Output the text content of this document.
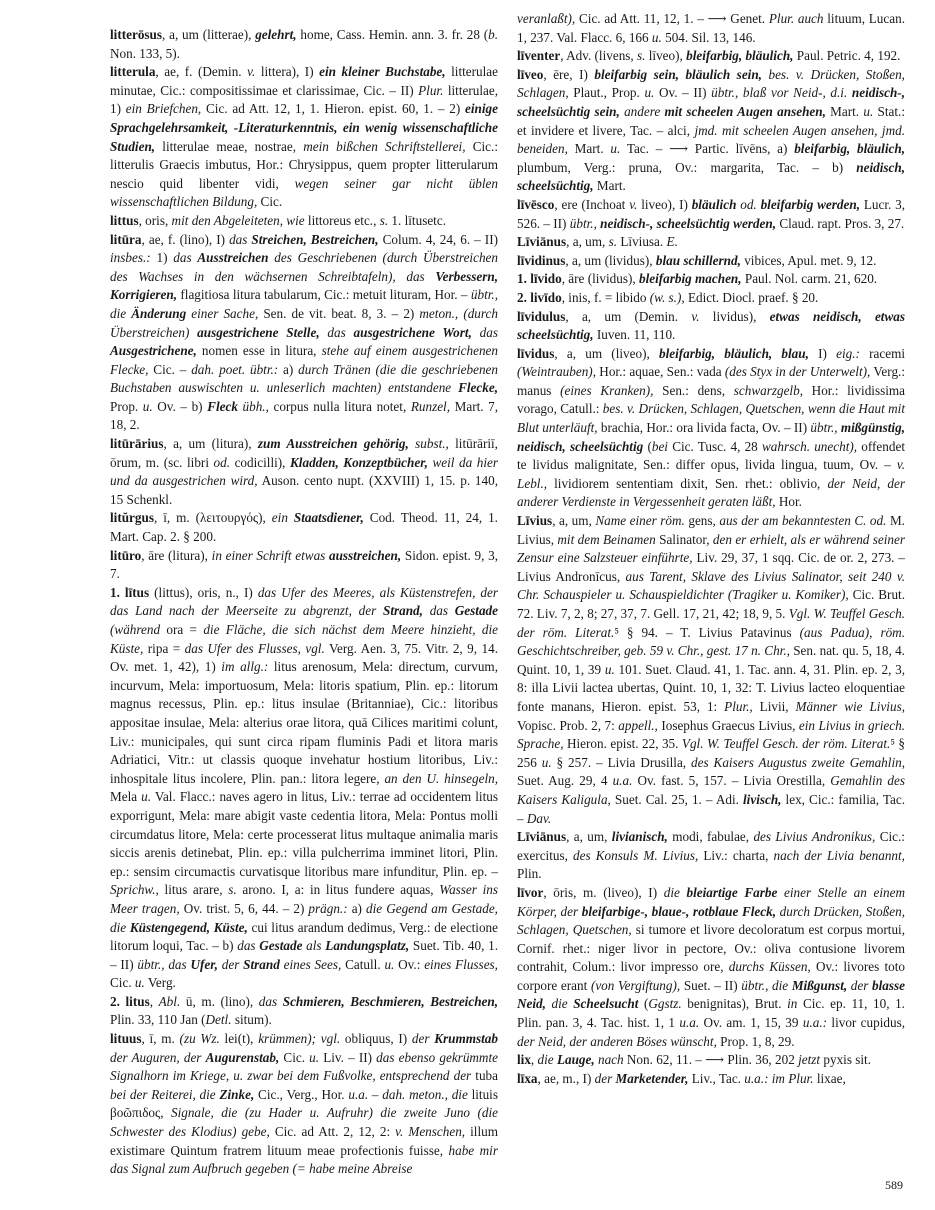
litterōsus, a, um (litterae), gelehrt, home, Cass. Hemin. ann. 3. fr. 28 (b. Non. 133, 5).

litterula, ae, f. (Demin. v. littera), I) ein kleiner Buchstabe, litterulae minutae, Cic.: compositissimae et clarissimae, Cic. – II) Plur. litterulae, 1) ein Briefchen, Cic. ad Att. 12, 1, 1. Hieron. epist. 60, 1. – 2) einige Sprachgelehrsamkeit, -Literaturkenntnis, ein wenig wissenschaftliche Studien, litterulae meae, nostrae, mein bißchen Schriftstellerei, Cic.: litterulis Graecis imbutus, Hor.: Chrysippus, quem propter litterularum nescio quid libenter vidi, wegen seiner gar nicht üblen wissenschaftlichen Bildung, Cic.

littus, oris, mit den Abgeleiteten, wie littoreus etc., s. 1. lītusetc.

litūra, ae, f. (lino), I) das Streichen, Bestreichen, Colum. 4, 24, 6. – II) insbes.: 1) das Ausstreichen des Geschriebenen (durch Überstreichen des Wachses in den wächsernen Schreibtafeln), das Verbessern, Korrigieren, flagitiosa litura tabularum, Cic.: metuit lituram, Hor. – übtr., die Änderung einer Sache, Sen. de vit. beat. 8, 3. – 2) meton., (durch Überstreichen) ausgestrichene Stelle, das ausgestrichene Wort, das Ausgestrichene, nomen esse in litura, stehe auf einem ausgestrichenen Flecke, Cic. – dah. poet. übtr.: a) durch Tränen (die die geschriebenen Buchstaben auswischten u. unleserlich machten) entstandene Flecke, Prop. u. Ov. – b) Fleck übh., corpus nulla litura notet, Runzel, Mart. 7, 18, 2.

litūrārius, a, um (litura), zum Ausstreichen gehörig, subst., litūrāriī, ōrum, m. (sc. libri od. codicilli), Kladden, Konzeptbücher, weil da hier und da ausgestrichen wird, Auson. cento nupt. (XXVIII) 1, 15. p. 140, 15 Schenkl.

litŭrgus, ī, m. (λειτουργός), ein Staatsdiener, Cod. Theod. 11, 24, 1. Mart. Cap. 2. § 200.

litūro, āre (litura), in einer Schrift etwas ausstreichen, Sidon. epist. 9, 3, 7.

1. lītus (littus), oris, n., I) das Ufer des Meeres, als Küstenstrefen, der das Land nach der Meerseite zu abgrenzt, der Strand, das Gestade (während ora = die Fläche, die sich nächst dem Meere hinzieht, die Küste, ripa = das Ufer des Flusses, vgl. Verg. Aen. 3, 75. Vitr. 2, 9, 14. Ov. met. 1, 42), 1) im allg.: litus arenosum, Mela: directum, curvum, incurvum, Mela: importuosum, Mela: litoris spatium, Plin. ep.: litorum magnus recessus, Plin. ep.: litus insulae (Britanniae), Cic.: litoribus appositae insulae, Mela: alterius orae litora, quā Cilices maritimi colunt, Liv.: municipales, qui sunt circa ripam fluminis Padi et litora maris Adriatici, Vitr.: ut classis quoque invehatur hostium litoribus, Liv.: inhospitale litus incolere, Plin. pan.: litora legere, an den U. hinsegeln, Mela u. Val. Flacc.: naves agero in litus, Liv.: terrae ad occidentem litus exporrigunt, Mela: mare abigit vaste cedentia litora, Mela: Pontus molli circumdatus litore, Mela: certe processerat litus multaque animalia maris siccis arenis detinebat, Plin. ep.: villa pulcherrima imminet litori, Plin. ep.: sensim circumactis curvatisque litoribus mare infunditur, Plin. ep. – Sprichw., litus arare, s. arono. I, a: in litus fundere aquas, Wasser ins Meer tragen, Ov. trist. 5, 6, 44. – 2) prägn.: a) die Gegend am Gestade, die Küstengegend, Küste, cui litus arandum dedimus, Verg.: de electione litorum loqui, Tac. – b) das Gestade als Landungsplatz, Suet. Tib. 40, 1. – II) übtr., das Ufer, der Strand eines Sees, Catull. u. Ov.: eines Flusses, Cic. u. Verg.

2. litus, Abl. ū, m. (lino), das Schmieren, Beschmieren, Bestreichen, Plin. 33, 110 Jan (Detl. situm).

lituus, ī, m. (zu Wz. lei(t), krümmen); vgl. obliquus, I) der Krummstab der Auguren, der Augurenstab, Cic. u. Liv. – II) das ebenso gekrümmte Signalhorn im Kriege, u. zwar bei dem Fußvolke, entsprechend der tuba bei der Reiterei, die Zinke, Cic., Verg., Hor. u.a. – dah. meton., die lituis βοῶπιδος, Signale, die (zu Hader u. Aufruhr) die zweite Juno (die Schwester des Klodius) gebe, Cic. ad Att. 2, 12, 2: v. Menschen, illum existimare Quintum fratrem lituum meae profectionis fuisse, habe mir das Signal zum Aufbruch gegeben (= habe meine Abreise

veranlaßt), Cic. ad Att. 11, 12, 1. – ⟶ Genet. Plur. auch lituum, Lucan. 1, 237. Val. Flacc. 6, 166 u. 504. Sil. 13, 146.

līventer, Adv. (livens, s. līveo), bleifarbig, bläulich, Paul. Petric. 4, 192.

līveo, ēre, I) bleifarbig sein, bläulich sein, bes. v. Drücken, Stoßen, Schlagen, Plaut., Prop. u. Ov. – II) übtr., blaß vor Neid-, d.i. neidisch-, scheelsüchtig sein, andere mit scheelen Augen ansehen, Mart. u. Stat.: et invidere et livere, Tac. – alci, jmd. mit scheelen Augen ansehen, jmd. beneiden, Mart. u. Tac. – ⟶ Partic. līvēns, a) bleifarbig, bläulich, plumbum, Verg.: pruna, Ov.: margarita, Tac. – b) neidisch, scheelsüchtig, Mart.

līvēsco, ere (Inchoat v. liveo), I) bläulich od. bleifarbig werden, Lucr. 3, 526. – II) übtr., neidisch-, scheelsüchtig werden, Claud. rapt. Pros. 3, 27.

Līviānus, a, um, s. Līviusa. E.

līvidinus, a, um (lividus), blau schillernd, vibices, Apul. met. 9, 12.

1. līvido, āre (lividus), bleifarbig machen, Paul. Nol. carm. 21, 620.

2. livīdo, inis, f. = libido (w. s.), Edict. Diocl. praef. § 20.

līvidulus, a, um (Demin. v. lividus), etwas neidisch, etwas scheelsüchtig, Iuven. 11, 110.

līvidus, a, um (liveo), bleifarbig, bläulich, blau, I) eig.: racemi (Weintrauben), Hor.: aquae, Sen.: vada (des Styx in der Unterwelt), Verg.: manus (eines Kranken), Sen.: dens, schwarzgelb, Hor.: lividissima vorago, Catull.: bes. v. Drücken, Schlagen, Quetschen, wenn die Haut mit Blut unterläuft, brachia, Hor.: ora livida facta, Ov. – II) übtr., mißgünstig, neidisch, scheelsüchtig (bei Cic. Tusc. 4, 28 wahrsch. unecht), offendet te lividus malignitate, Sen.: differ opus, livida lingua, tuum, Ov. – v. Lebl., lividiorem sententiam dixit, Sen. rhet.: oblivio, der Neid, der anderer Verdienste in Vergessenheit geraten läßt, Hor.

Līvius, a, um, Name einer röm. gens, aus der am bekanntesten C. od. M. Livius, mit dem Beinamen Salinator, den er erhielt, als er während seiner Zensur eine Salzsteuer einführte, Liv. 29, 37, 1 sqq. Cic. de or. 2, 273. – Livius Andronīcus, aus Tarent, Sklave des Livius Salinator, seit 240 v. Chr. Schauspieler u. Schauspieldichter (Tragiker u. Komiker), Cic. Brut. 72. Liv. 7, 2, 8; 27, 37, 7. Gell. 17, 21, 42; 18, 9, 5. Vgl. W. Teuffel Gesch. der röm. Literat.⁵ § 94. – T. Livius Patavinus (aus Padua), röm. Geschichtschreiber, geb. 59 v. Chr., gest. 17 n. Chr., Sen. nat. qu. 5, 18, 4. Quint. 10, 1, 39 u. 101. Suet. Claud. 41, 1. Tac. ann. 4, 31. Plin. ep. 2, 3, 8: illa Livii lactea ubertas, Quint. 10, 1, 32: T. Livius lacteo eloquentiae fonte manans, Hieron. epist. 53, 1: Plur., Livii, Männer wie Livius, Vopisc. Prob. 2, 7: appell., Iosephus Graecus Livius, ein Livius in griech. Sprache, Hieron. epist. 22, 35. Vgl. W. Teuffel Gesch. der röm. Literat.⁵ § 256 u. § 257. – Livia Drusilla, des Kaisers Augustus zweite Gemahlin, Suet. Aug. 29, 4 u.a. Ov. fast. 5, 157. – Livia Orestilla, Gemahlin des Kaisers Kaligula, Suet. Cal. 25, 1. – Adi. livisch, lex, Cic.: familia, Tac. – Dav.

Līviānus, a, um, livianisch, modi, fabulae, des Livius Andronikus, Cic.: exercitus, des Konsuls M. Livius, Liv.: charta, nach der Livia benannt, Plin.

līvor, ōris, m. (liveo), I) die bleiartige Farbe einer Stelle an einem Körper, der bleifarbige-, blaue-, rotblaue Fleck, durch Drücken, Stoßen, Schlagen, Quetschen, si tumore et livore decoloratum est corpus mortui, Cornif. rhet.: niger livor in pectore, Ov.: oliva contusione livorem contrahit, Colum.: livor impresso ore, durchs Küssen, Ov.: livores toto corpore erant (von Vergiftung), Suet. – II) übtr., die Mißgunst, der blasse Neid, die Scheelsucht (Ggstz. benignitas), Brut. in Cic. ep. 11, 10, 1. Plin. pan. 3, 4. Tac. hist. 1, 1 u.a. Ov. am. 1, 15, 39 u.a.: livor cupidus, der Neid, der anderen Böses wünscht, Prop. 1, 8, 29.

lix, die Lauge, nach Non. 62, 11. – ⟶ Plin. 36, 202 jetzt pyxis sit.

līxa, ae, m., I) der Marketender, Liv., Tac. u.a.: im Plur. lixae,

589
